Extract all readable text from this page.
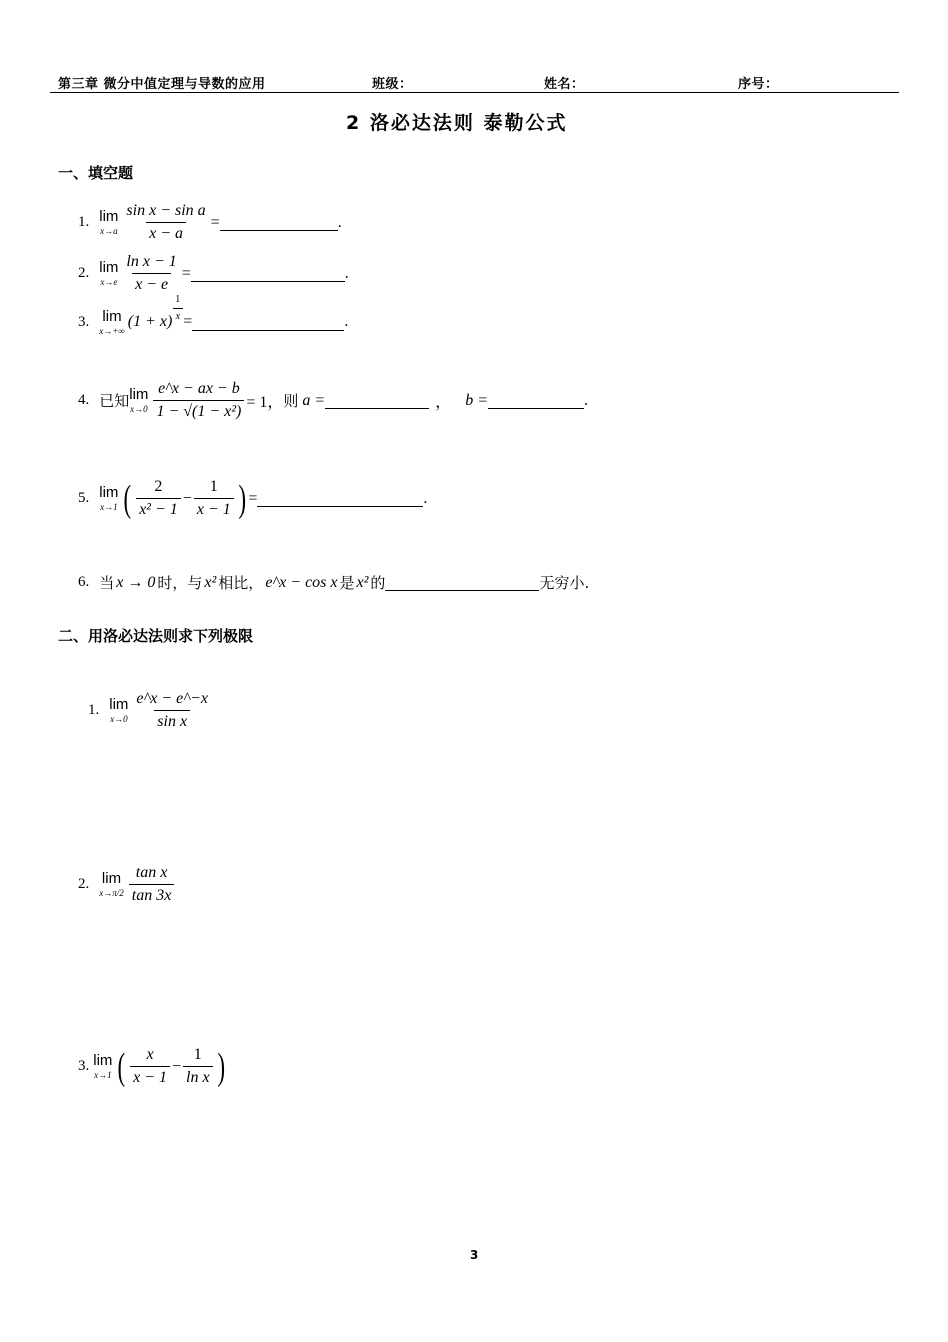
第三章 微分中值定理与导数的应用	班级：	姓名：	序号：
2 洛必达法则 泰勒公式
一、填空题
1. lim
$x\to a \frac{\text{sin x − sin a}}{x - a}$ =	.
2. lim
$x\to e \frac{\text{ln x − 1}}{x - e}$ =	.
3. lim
x→+∞
$(1 + x) \frac{1}{x}$ =	.
4. 已知 lim
$x\to 0 \frac{e\^{}x - ax - b}{\text{1 − √(1 − x²)}} = 1$， 则 a =	， b =	.
5. lim
x→1 ( $\frac{2}{\text{x² − 1}} - \frac{1}{x - 1}$ ) =	.
6. 当 x → 0 时，与 x² 相比， e^x − cos x 是 x² 的	无穷小.
二、用洛必达法则求下列极限
1. lim
$x\to 0 \frac{e\^{}x - e\^{}-x}{\text{sin x}}$
2. lim
$x\to\pi/2 \frac{\text{tan x}}{\tan 3x}$
3. lim
x→1 ( $\frac{x}{x - 1} - \frac{1}{\text{ln x}}$ )
3
